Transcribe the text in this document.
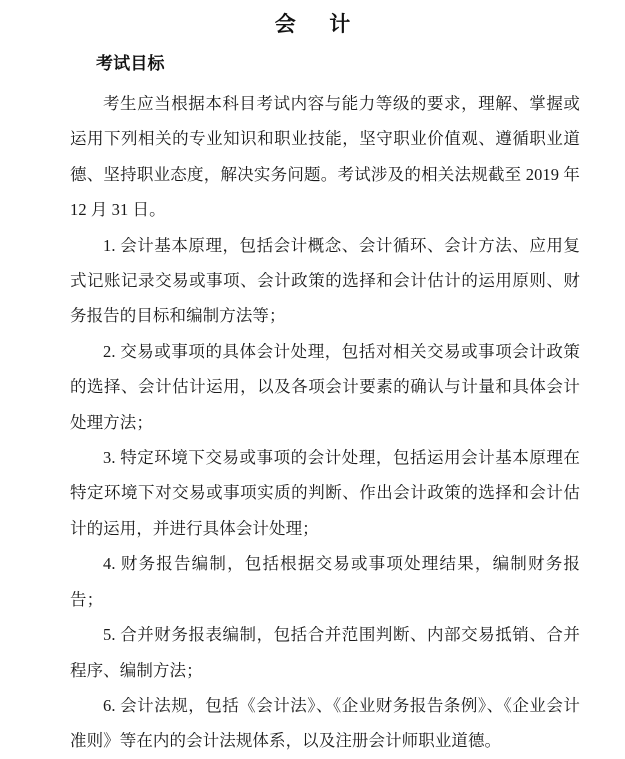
会  计
考试目标

考生应当根据本科目考试内容与能力等级的要求，理解、掌握或运用下列相关的专业知识和职业技能，坚守职业价值观、遵循职业道德、坚持职业态度，解决实务问题。考试涉及的相关法规截至 2019 年 12 月 31 日。

1. 会计基本原理，包括会计概念、会计循环、会计方法、应用复式记账记录交易或事项、会计政策的选择和会计估计的运用原则、财务报告的目标和编制方法等；

2. 交易或事项的具体会计处理，包括对相关交易或事项会计政策的选择、会计估计运用，以及各项会计要素的确认与计量和具体会计处理方法；

3. 特定环境下交易或事项的会计处理，包括运用会计基本原理在特定环境下对交易或事项实质的判断、作出会计政策的选择和会计估计的运用，并进行具体会计处理；

4. 财务报告编制，包括根据交易或事项处理结果，编制财务报告；

5. 合并财务报表编制，包括合并范围判断、内部交易抵销、合并程序、编制方法；

6. 会计法规，包括《会计法》、《企业财务报告条例》、《企业会计准则》等在内的会计法规体系，以及注册会计师职业道德。
